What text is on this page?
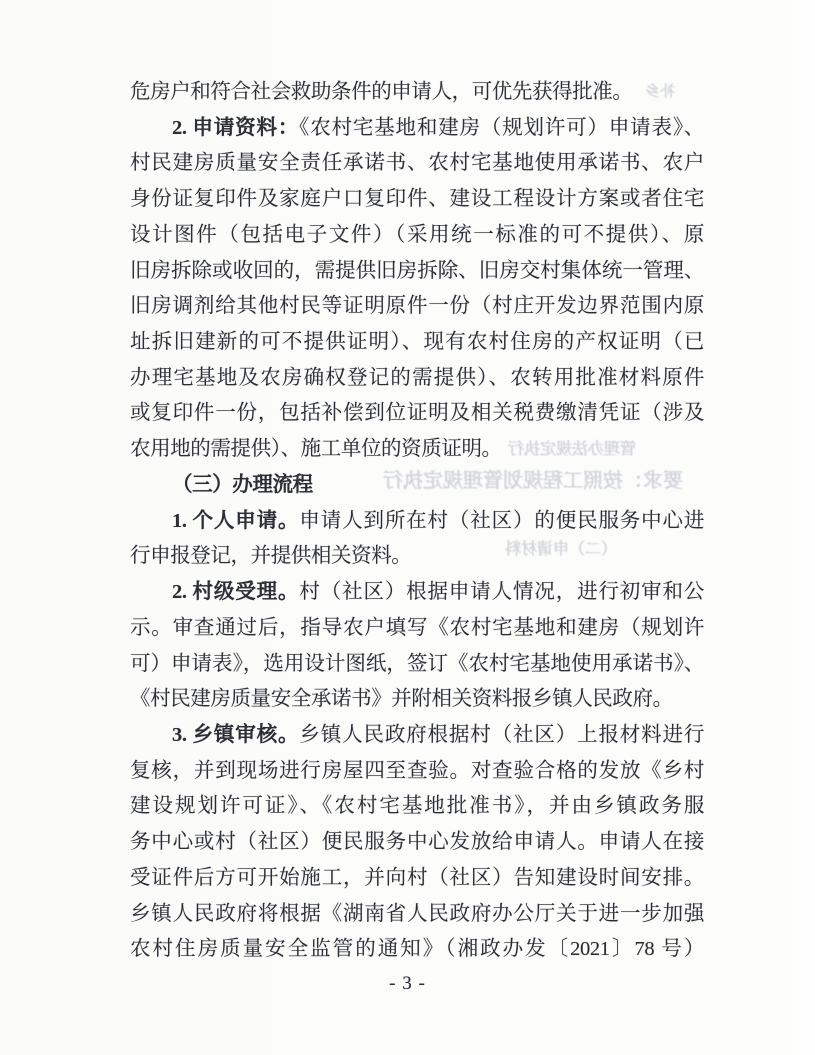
补乡
管理办法规定执行
要求：按照工程规划管理规定执行
（二）申请材料
危房户和符合社会救助条件的申请人，可优先获得批准。
2. 申请资料：《农村宅基地和建房（规划许可）申请表》、
村民建房质量安全责任承诺书、农村宅基地使用承诺书、农户
身份证复印件及家庭户口复印件、建设工程设计方案或者住宅
设计图件（包括电子文件）（采用统一标准的可不提供）、原
旧房拆除或收回的，需提供旧房拆除、旧房交村集体统一管理、
旧房调剂给其他村民等证明原件一份（村庄开发边界范围内原
址拆旧建新的可不提供证明）、现有农村住房的产权证明（已
办理宅基地及农房确权登记的需提供）、农转用批准材料原件
或复印件一份，包括补偿到位证明及相关税费缴清凭证（涉及
农用地的需提供）、施工单位的资质证明。
（三）办理流程
1. 个人申请。申请人到所在村（社区）的便民服务中心进
行申报登记，并提供相关资料。
2. 村级受理。村（社区）根据申请人情况，进行初审和公
示。审查通过后，指导农户填写《农村宅基地和建房（规划许
可）申请表》，选用设计图纸，签订《农村宅基地使用承诺书》、
《村民建房质量安全承诺书》并附相关资料报乡镇人民政府。
3. 乡镇审核。乡镇人民政府根据村（社区）上报材料进行
复核，并到现场进行房屋四至查验。对查验合格的发放《乡村
建设规划许可证》、《农村宅基地批准书》，并由乡镇政务服
务中心或村（社区）便民服务中心发放给申请人。申请人在接
受证件后方可开始施工，并向村（社区）告知建设时间安排。
乡镇人民政府将根据《湖南省人民政府办公厅关于进一步加强
农村住房质量安全监管的通知》（湘政办发〔2021〕78 号）
- 3 -
